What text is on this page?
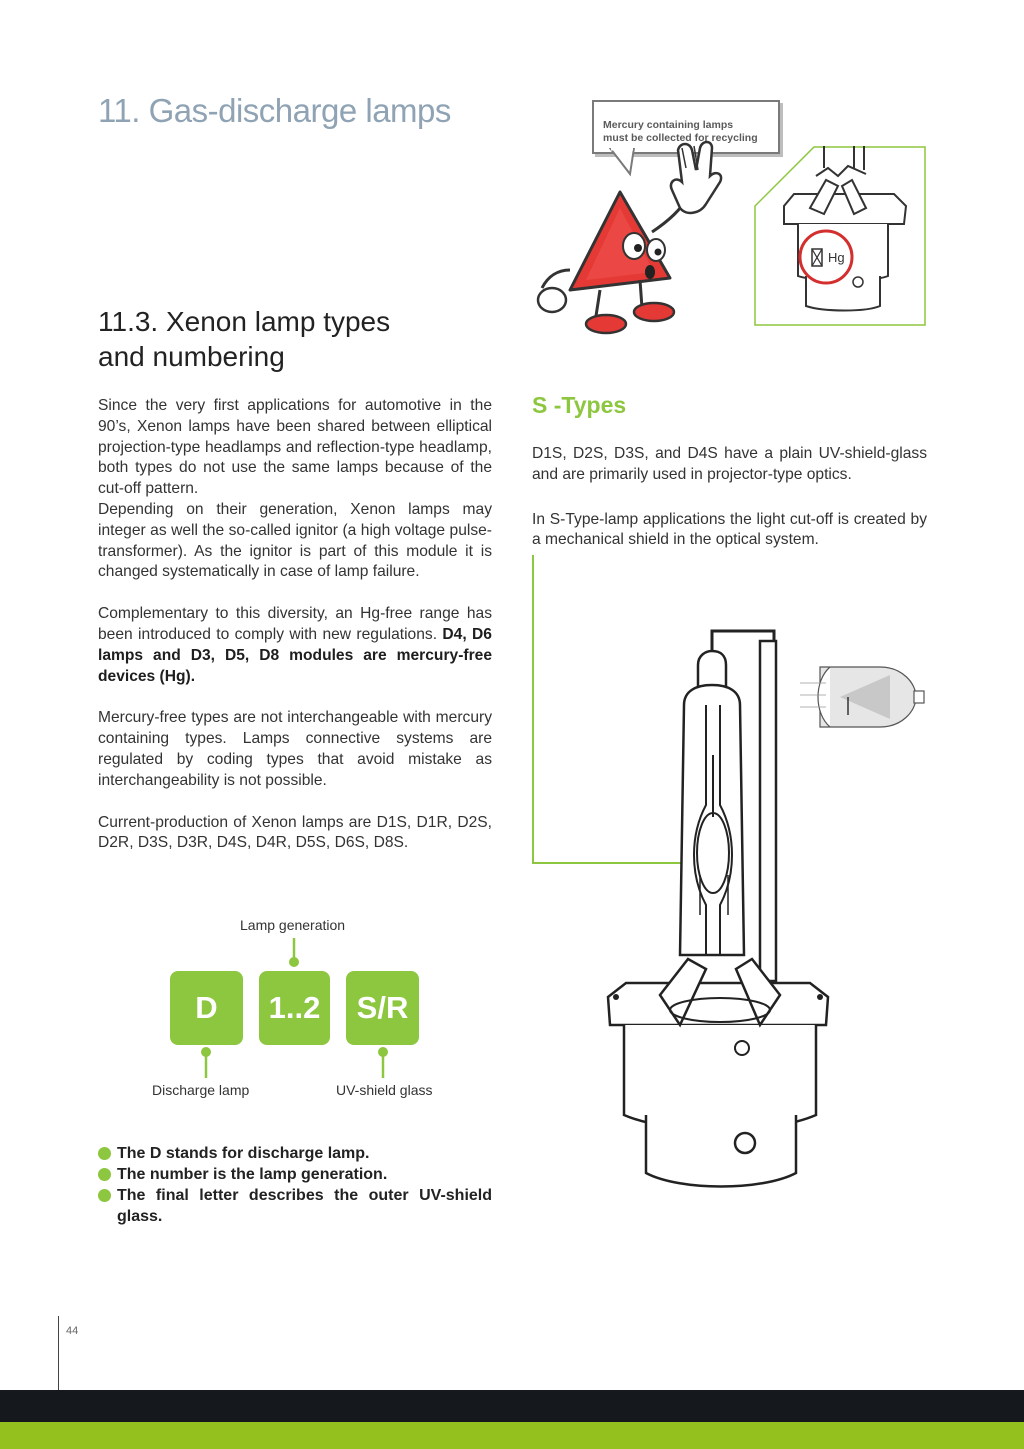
11. Gas-discharge lamps	Mercury containing lamps
must be collected for recycling
Hg
11.3. Xenon lamp types
and numbering

Since the very first applications for automotive in the 90’s, Xenon lamps have been shared between elliptical projection-type headlamps and reflection-type headlamp, both types do not use the same lamps because of the cut-off pattern.

Depending on their generation, Xenon lamps may integer as well the so-called ignitor (a high voltage pulse-transformer). As the ignitor is part of this module it is changed systematically in case of lamp failure.

Complementary to this diversity, an Hg-free range has been introduced to comply with new regulations. D4, D6 lamps and D3, D5, D8 modules are mercury-free devices (Hg).

Mercury-free types are not interchangeable with mercury containing types. Lamps connective systems are regulated by coding types that avoid mistake as interchangeability is not possible.

Current-production of Xenon lamps are D1S, D1R, D2S, D2R, D3S, D3R, D4S, D4R, D5S, D6S, D8S.

Lamp generation
D	1..2	S/R
Discharge lamp	UV-shield glass
The D stands for discharge lamp.
The number is the lamp generation.
The final letter describes the outer UV-shield glass.
S -Types

D1S, D2S, D3S, and D4S have a plain UV-shield-glass and are primarily used in projector-type optics.

In S-Type-lamp applications the light cut-off is created by a mechanical shield in the optical system.

44
